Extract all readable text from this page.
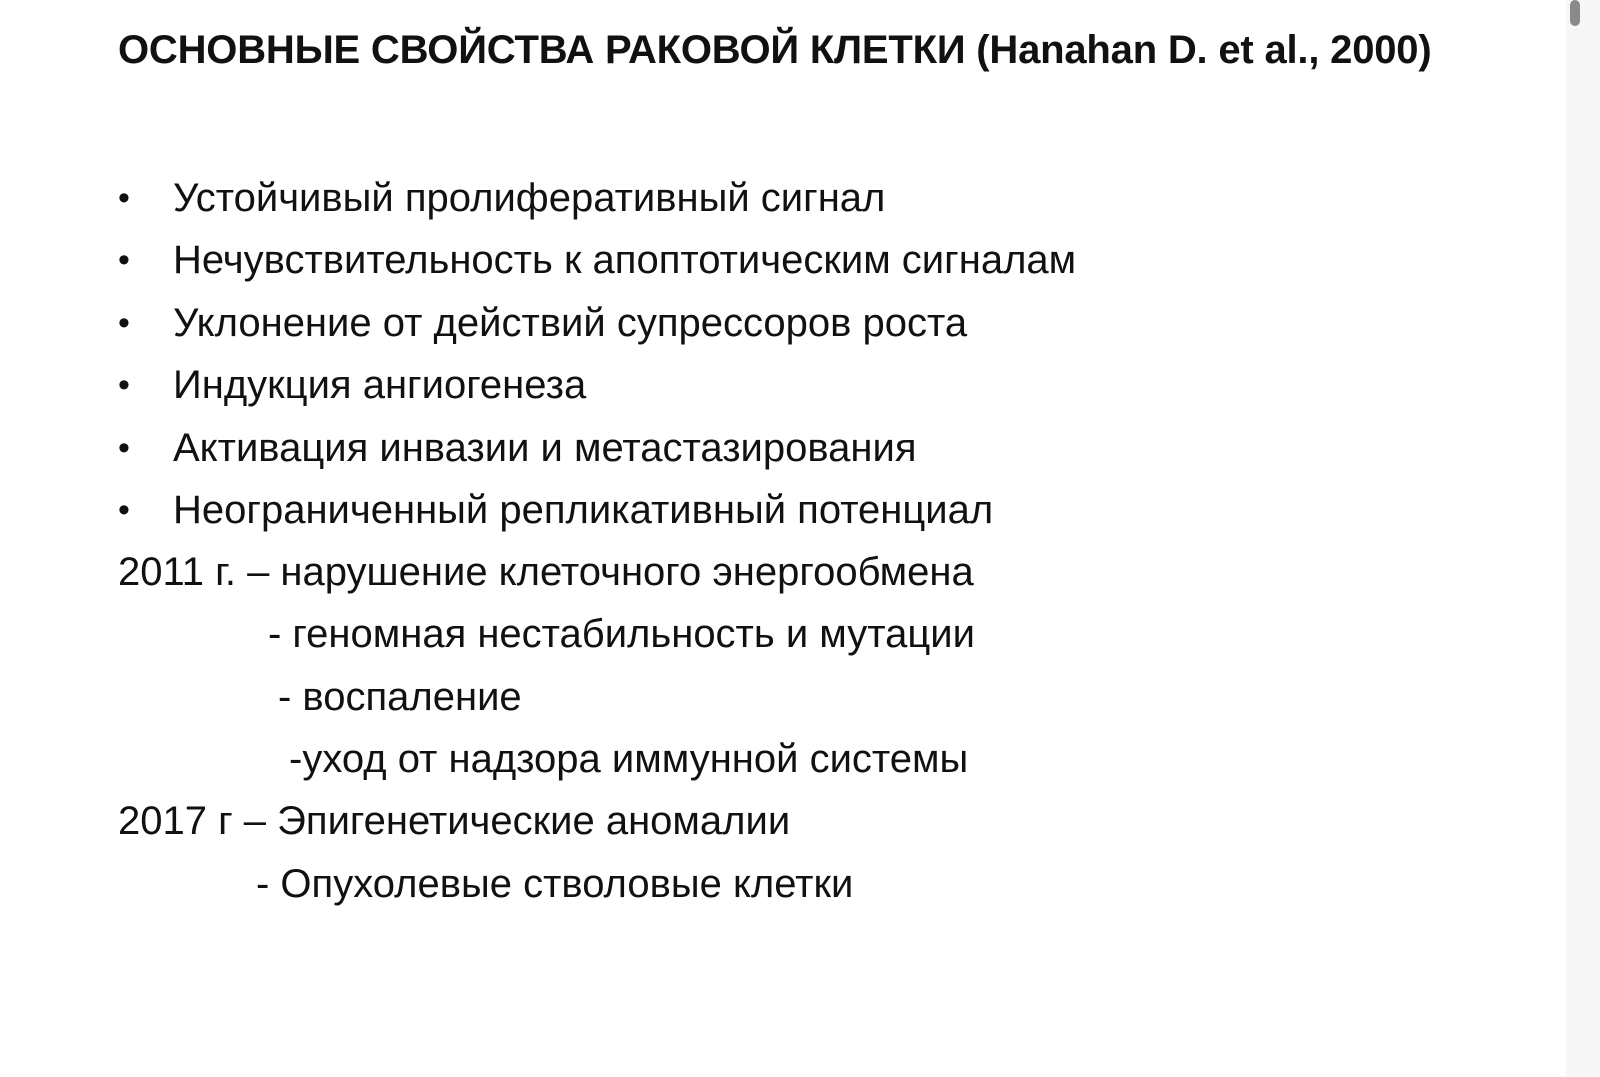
ОСНОВНЫЕ СВОЙСТВА РАКОВОЙ КЛЕТКИ (Hanahan D. et al., 2000)
• Устойчивый пролиферативный сигнал
• Нечувствительность к апоптотическим сигналам
• Уклонение от действий супрессоров роста
• Индукция ангиогенеза
• Активация инвазии и метастазирования
• Неограниченный репликативный потенциал
2011 г. – нарушение клеточного энергообмена
- геномная нестабильность и мутации
- воспаление
-уход от надзора иммунной системы
2017 г – Эпигенетические аномалии
- Опухолевые стволовые клетки
